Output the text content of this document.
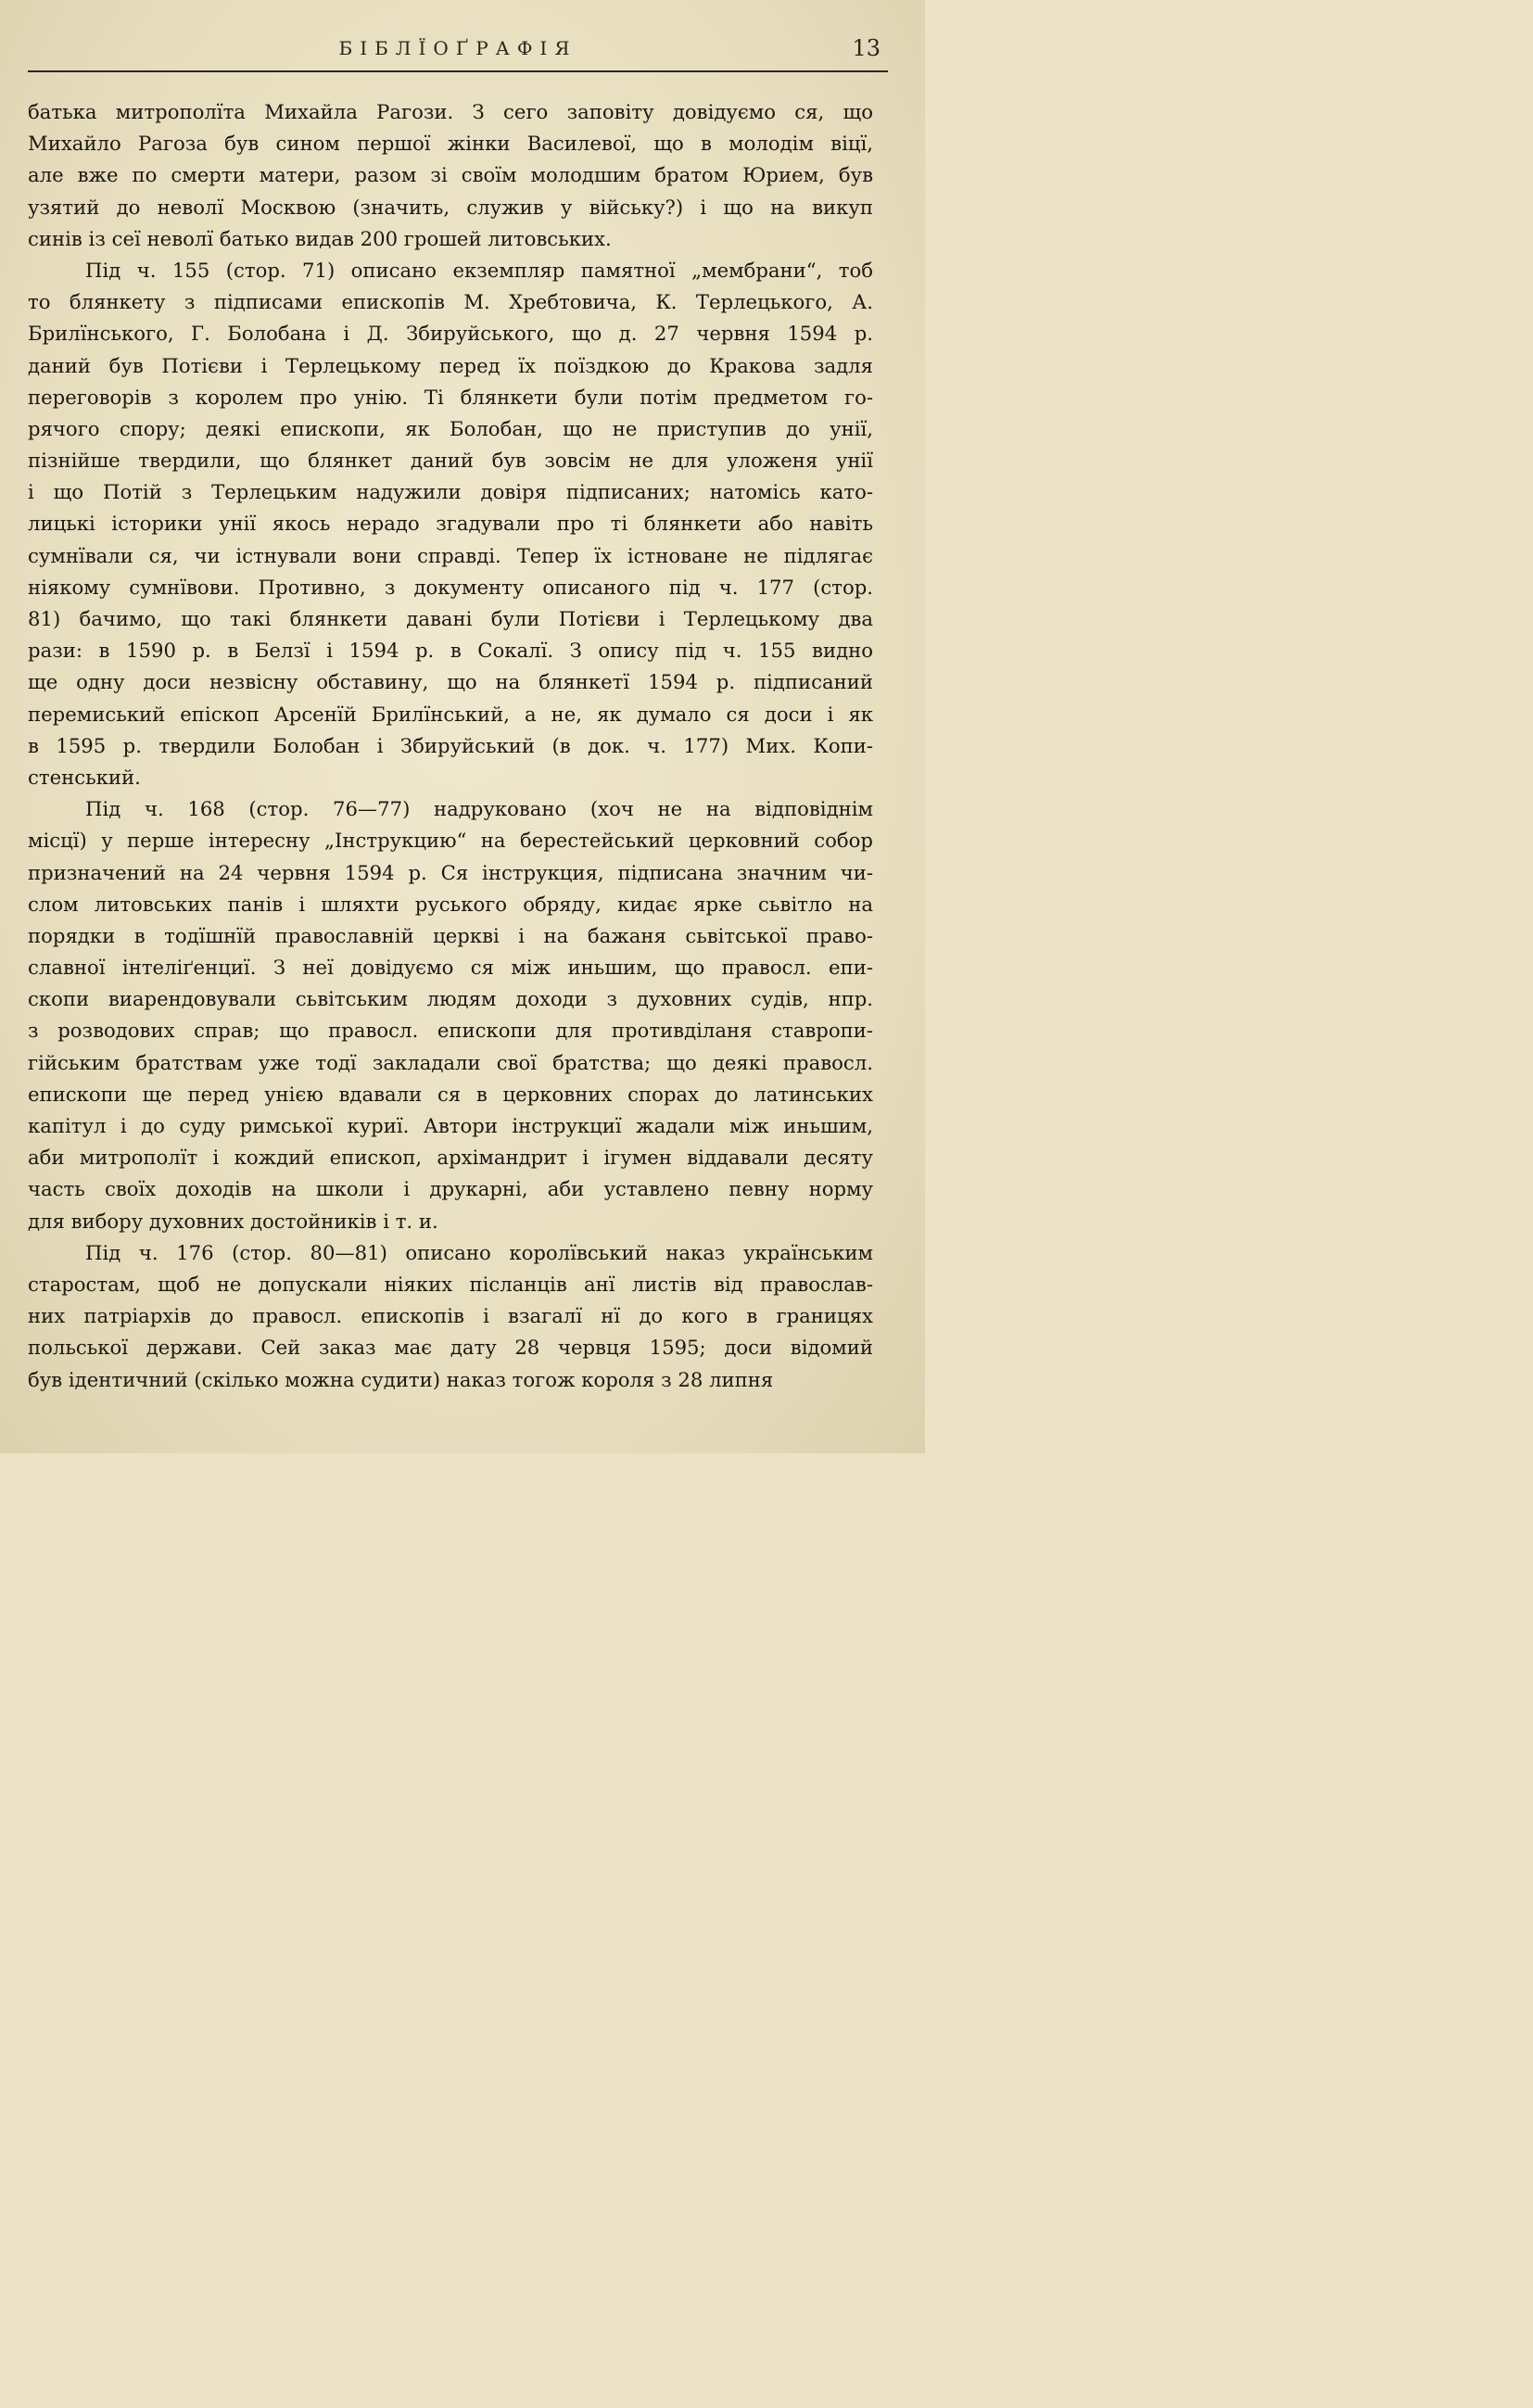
БІБЛЇОҐРАФІЯ	13
батька митрополїта Михайла Рагози. З сего заповіту довідуємо ся, що
Михайло Рагоза був сином першої жінки Василевої, що в молодім віцї,
але вже по смерти матери, разом зі своїм молодшим братом Юрием, був
узятий до неволї Москвою (значить, служив у війську?) і що на викуп
синів із сеї неволї батько видав 200 грошей литовських.
Під ч. 155 (стор. 71) описано екземпляр памятної „мембрани“, тоб
то блянкету з підписами епископів М. Хребтовича, К. Терлецького, А.
Брилїнського, Г. Болобана і Д. Збируйського, що д. 27 червня 1594 р.
даний був Потієви і Терлецькому перед їх поїздкою до Кракова задля
переговорів з королем про унію. Ті блянкети були потім предметом го-
рячого спору; деякі епископи, як Болобан, що не приступив до унії,
пізнійше твердили, що блянкет даний був зовсім не для уложеня унії
і що Потій з Терлецьким надужили довіря підписаних; натомісь като-
лицькі історики унії якось нерадо згадували про ті блянкети або навіть
сумнївали ся, чи істнували вони справді. Тепер їх істноване не підлягає
ніякому сумнївови. Противно, з документу описаного під ч. 177 (стор.
81) бачимо, що такі блянкети давані були Потієви і Терлецькому два
рази: в 1590 р. в Белзї і 1594 р. в Сокалї. З опису під ч. 155 видно
ще одну доси незвісну обставину, що на блянкетї 1594 р. підписаний
перемиський епіскоп Арсенїй Брилїнський, а не, як думало ся доси і як
в 1595 р. твердили Болобан і Збируйський (в док. ч. 177) Мих. Копи-
стенський.
Під ч. 168 (стор. 76—77) надруковано (хоч не на відповіднім
місцї) у перше інтересну „Інструкцию“ на берестейський церковний собор
призначений на 24 червня 1594 р. Ся інструкция, підписана значним чи-
слом литовських панів і шляхти руського обряду, кидає ярке сьвітло на
порядки в тодїшнїй православній церкві і на бажаня сьвітської право-
славної інтеліґенциї. З неї довідуємо ся між иньшим, що правосл. епи-
скопи виарендовували сьвітським людям доходи з духовних судів, нпр.
з розводових справ; що правосл. епископи для противділаня ставропи-
гійським братствам уже тодї закладали свої братства; що деякі правосл.
епископи ще перед унією вдавали ся в церковних спорах до латинських
капітул і до суду римської куриї. Автори інструкциї жадали між иньшим,
аби митрополїт і кождий епископ, архімандрит і ігумен віддавали десяту
часть своїх доходів на школи і друкарні, аби уставлено певну норму
для вибору духовних достойників і т. и.
Під ч. 176 (стор. 80—81) описано королївський наказ українським
старостам, щоб не допускали ніяких післанців анї листів від православ-
них патріархів до правосл. епископів і взагалї нї до кого в границях
польської держави. Сей заказ має дату 28 червця 1595; доси відомий
був ідентичний (скілько можна судити) наказ тогож короля з 28 липня
